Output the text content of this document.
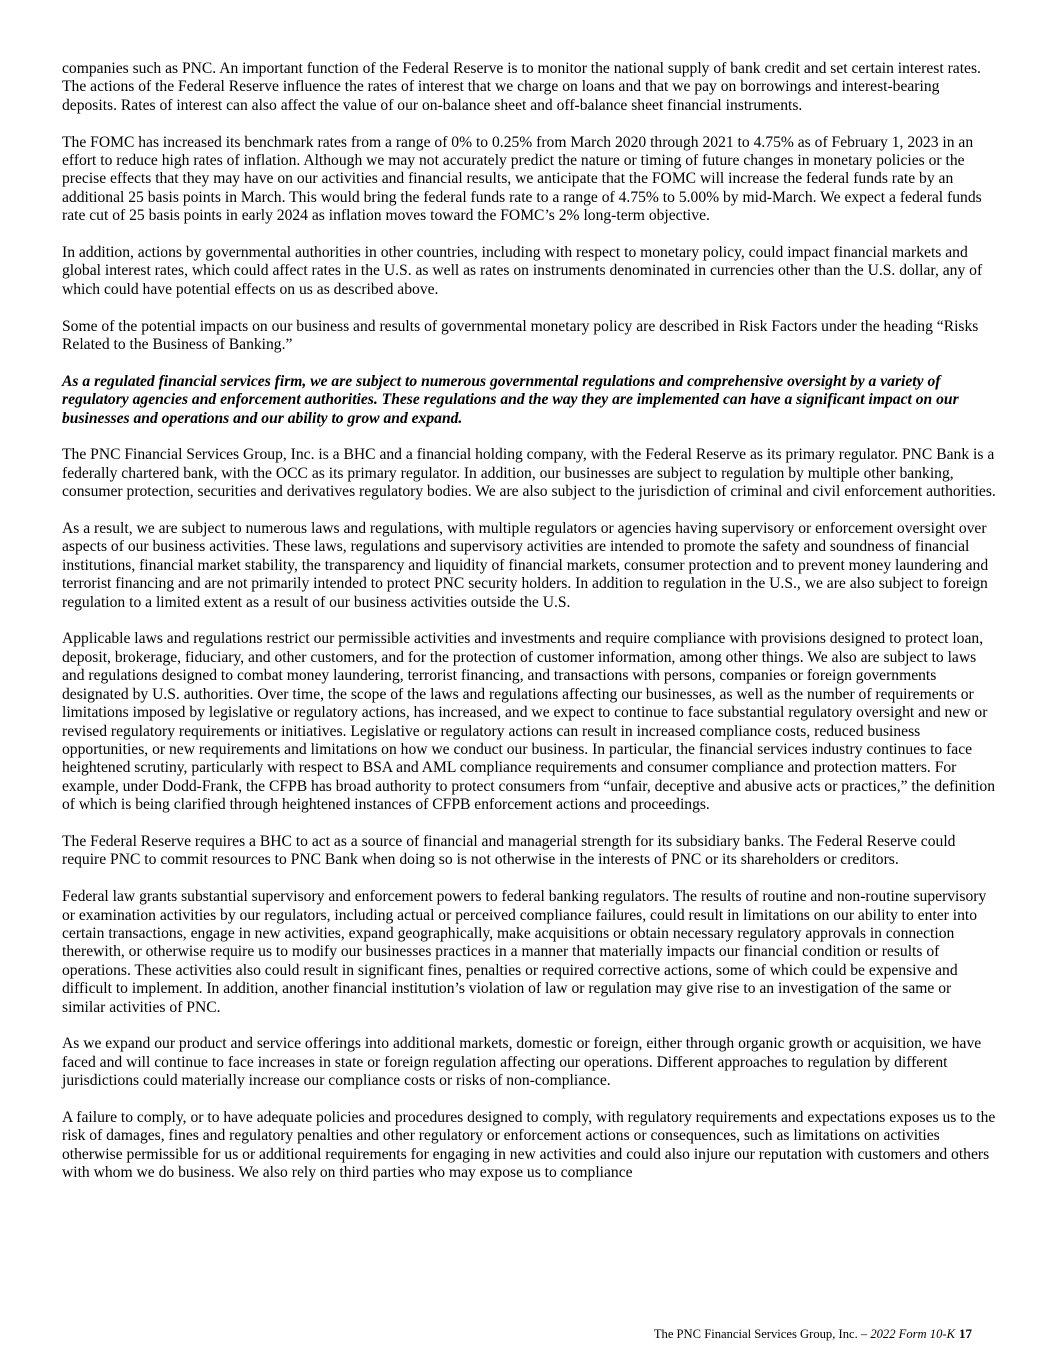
companies such as PNC. An important function of the Federal Reserve is to monitor the national supply of bank credit and set certain interest rates. The actions of the Federal Reserve influence the rates of interest that we charge on loans and that we pay on borrowings and interest-bearing deposits. Rates of interest can also affect the value of our on-balance sheet and off-balance sheet financial instruments.

The FOMC has increased its benchmark rates from a range of 0% to 0.25% from March 2020 through 2021 to 4.75% as of February 1, 2023 in an effort to reduce high rates of inflation. Although we may not accurately predict the nature or timing of future changes in monetary policies or the precise effects that they may have on our activities and financial results, we anticipate that the FOMC will increase the federal funds rate by an additional 25 basis points in March. This would bring the federal funds rate to a range of 4.75% to 5.00% by mid-March. We expect a federal funds rate cut of 25 basis points in early 2024 as inflation moves toward the FOMC’s 2% long-term objective.

In addition, actions by governmental authorities in other countries, including with respect to monetary policy, could impact financial markets and global interest rates, which could affect rates in the U.S. as well as rates on instruments denominated in currencies other than the U.S. dollar, any of which could have potential effects on us as described above.

Some of the potential impacts on our business and results of governmental monetary policy are described in Risk Factors under the heading “Risks Related to the Business of Banking.”

As a regulated financial services firm, we are subject to numerous governmental regulations and comprehensive oversight by a variety of regulatory agencies and enforcement authorities. These regulations and the way they are implemented can have a significant impact on our businesses and operations and our ability to grow and expand.

The PNC Financial Services Group, Inc. is a BHC and a financial holding company, with the Federal Reserve as its primary regulator. PNC Bank is a federally chartered bank, with the OCC as its primary regulator. In addition, our businesses are subject to regulation by multiple other banking, consumer protection, securities and derivatives regulatory bodies. We are also subject to the jurisdiction of criminal and civil enforcement authorities.

As a result, we are subject to numerous laws and regulations, with multiple regulators or agencies having supervisory or enforcement oversight over aspects of our business activities. These laws, regulations and supervisory activities are intended to promote the safety and soundness of financial institutions, financial market stability, the transparency and liquidity of financial markets, consumer protection and to prevent money laundering and terrorist financing and are not primarily intended to protect PNC security holders. In addition to regulation in the U.S., we are also subject to foreign regulation to a limited extent as a result of our business activities outside the U.S.

Applicable laws and regulations restrict our permissible activities and investments and require compliance with provisions designed to protect loan, deposit, brokerage, fiduciary, and other customers, and for the protection of customer information, among other things. We also are subject to laws and regulations designed to combat money laundering, terrorist financing, and transactions with persons, companies or foreign governments designated by U.S. authorities. Over time, the scope of the laws and regulations affecting our businesses, as well as the number of requirements or limitations imposed by legislative or regulatory actions, has increased, and we expect to continue to face substantial regulatory oversight and new or revised regulatory requirements or initiatives. Legislative or regulatory actions can result in increased compliance costs, reduced business opportunities, or new requirements and limitations on how we conduct our business. In particular, the financial services industry continues to face heightened scrutiny, particularly with respect to BSA and AML compliance requirements and consumer compliance and protection matters. For example, under Dodd-Frank, the CFPB has broad authority to protect consumers from “unfair, deceptive and abusive acts or practices,” the definition of which is being clarified through heightened instances of CFPB enforcement actions and proceedings.

The Federal Reserve requires a BHC to act as a source of financial and managerial strength for its subsidiary banks. The Federal Reserve could require PNC to commit resources to PNC Bank when doing so is not otherwise in the interests of PNC or its shareholders or creditors.

Federal law grants substantial supervisory and enforcement powers to federal banking regulators. The results of routine and non-routine supervisory or examination activities by our regulators, including actual or perceived compliance failures, could result in limitations on our ability to enter into certain transactions, engage in new activities, expand geographically, make acquisitions or obtain necessary regulatory approvals in connection therewith, or otherwise require us to modify our businesses practices in a manner that materially impacts our financial condition or results of operations. These activities also could result in significant fines, penalties or required corrective actions, some of which could be expensive and difficult to implement. In addition, another financial institution’s violation of law or regulation may give rise to an investigation of the same or similar activities of PNC.

As we expand our product and service offerings into additional markets, domestic or foreign, either through organic growth or acquisition, we have faced and will continue to face increases in state or foreign regulation affecting our operations. Different approaches to regulation by different jurisdictions could materially increase our compliance costs or risks of non-compliance.

A failure to comply, or to have adequate policies and procedures designed to comply, with regulatory requirements and expectations exposes us to the risk of damages, fines and regulatory penalties and other regulatory or enforcement actions or consequences, such as limitations on activities otherwise permissible for us or additional requirements for engaging in new activities and could also injure our reputation with customers and others with whom we do business. We also rely on third parties who may expose us to compliance

The PNC Financial Services Group, Inc. – 2022 Form 10-K 17
